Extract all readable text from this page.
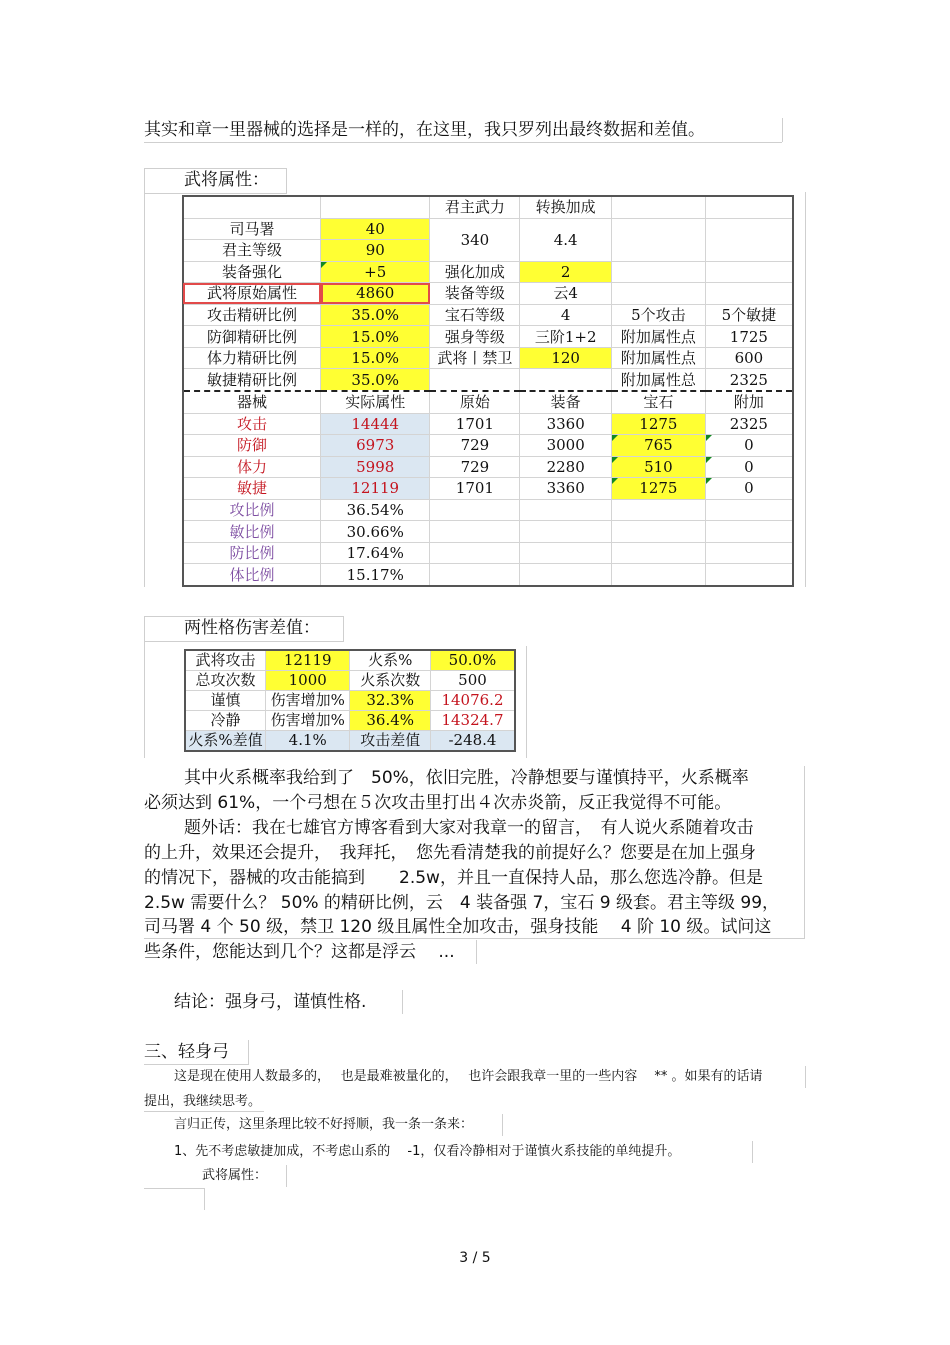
其实和章一里器械的选择是一样的，在这里，我只罗列出最终数据和差值。
武将属性：
		君主武力	转换加成		
司马署	40	340	4.4		
君主等级	90				
装备强化	+5	强化加成	2		
武将原始属性	4860	装备等级	云4		
攻击精研比例	35.0%	宝石等级	4	5个攻击	5个敏捷
防御精研比例	15.0%	强身等级	三阶1+2	附加属性点	1725
体力精研比例	15.0%	武将丨禁卫	120	附加属性点	600
敏捷精研比例	35.0%			附加属性总	2325
器械	实际属性	原始	装备	宝石	附加
攻击	14444	1701	3360	1275	2325
防御	6973	729	3000	765	0
体力	5998	729	2280	510	0
敏捷	12119	1701	3360	1275	0
攻比例	36.54%				
敏比例	30.66%				
防比例	17.64%				
体比例	15.17%				
两性格伤害差值：
武将攻击	12119	火系%	50.0%
总攻次数	1000	火系次数	500
谨慎	伤害增加%	32.3%	14076.2
冷静	伤害增加%	36.4%	14324.7
火系%差值	4.1%	攻击差值	-248.4
其中火系概率我给到了　50%，依旧完胜，冷静想要与谨慎持平，火系概率
必须达到 61%，一个弓想在５次攻击里打出４次赤炎箭，反正我觉得不可能。
题外话：我在七雄官方博客看到大家对我章一的留言，　有人说火系随着攻击
的上升，效果还会提升，　我拜托，　您先看清楚我的前提好么？您要是在加上强身
的情况下，器械的攻击能搞到　　2.5w，并且一直保持人品，那么您选冷静。但是
2.5w 需要什么？ 50% 的精研比例，云　4 装备强 7，宝石 9 级套。君主等级 99，
司马署 4 个 50 级，禁卫 120 级且属性全加攻击，强身技能　 4 阶 10 级。试问这
些条件，您能达到几个？这都是浮云　 ...
结论：强身弓，谨慎性格.
三、轻身弓
这是现在使用人数最多的，　 也是最难被量化的，　 也许会跟我章一里的一些内容　 ** 。如果有的话请
提出，我继续思考。
言归正传，这里条理比较不好捋顺，我一条一条来：
1、先不考虑敏捷加成，不考虑山系的　 -1，仅看冷静相对于谨慎火系技能的单纯提升。
武将属性：
3 / 5
